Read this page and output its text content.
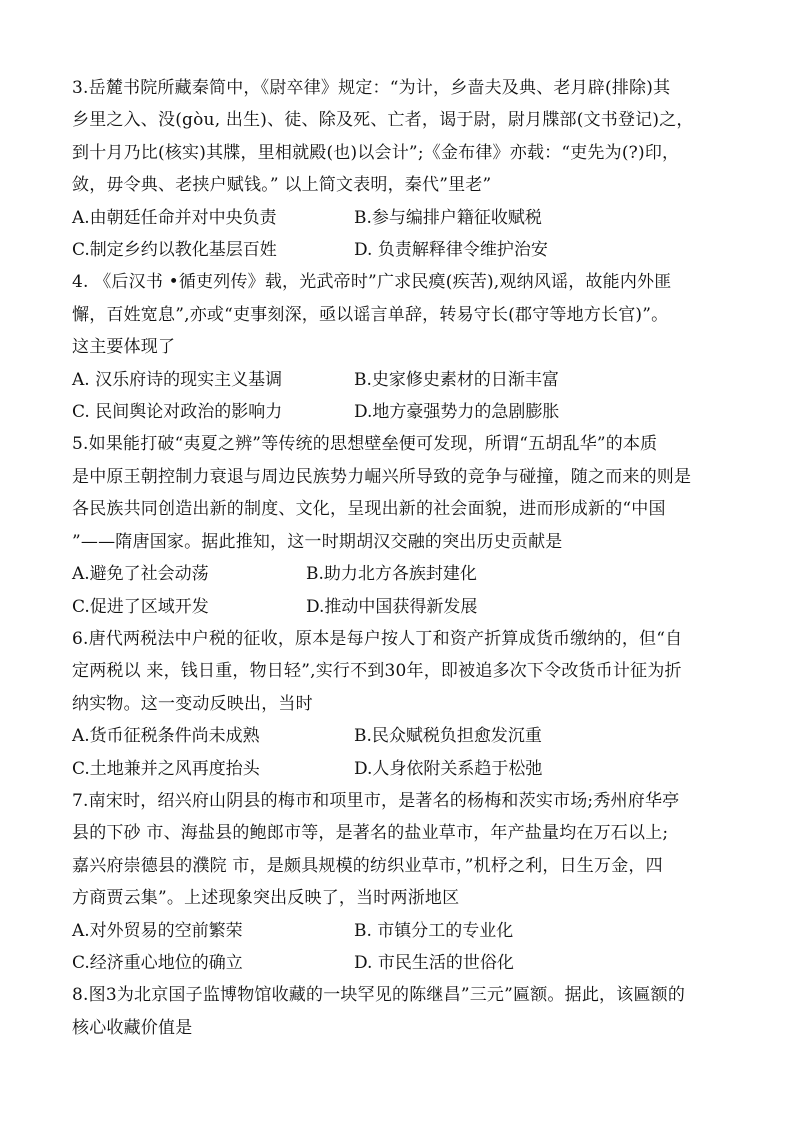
3.岳麓书院所藏秦简中，《尉卒律》规定：“为计，乡啬夫及典、老月辟(排除)其
乡里之入、没(gòu, 出生)、徒、除及死、亡者，谒于尉，尉月牒部(文书登记)之，
到十月乃比(核实)其牒，里相就殿(也)以会计”;《金布律》亦载：“吏先为(?)印，
敛，毋令典、老挟户赋钱。” 以上简文表明，秦代”里老”
A.由朝廷任命并对中央负责	B.参与编排户籍征收赋税
C.制定乡约以教化基层百姓	D. 负责解释律令维护治安
4. 《后汉书 •循吏列传》载，光武帝时”广求民瘼(疾苦),观纳风谣，故能内外匪
懈，百姓宽息”,亦或“吏事刻深，亟以谣言单辞，转易守长(郡守等地方长官)”。
这主要体现了
A. 汉乐府诗的现实主义基调	B.史家修史素材的日渐丰富
C. 民间舆论对政治的影响力	D.地方豪强势力的急剧膨胀
5.如果能打破“夷夏之辨”等传统的思想壁垒便可发现，所谓“五胡乱华”的本质
是中原王朝控制力衰退与周边民族势力崛兴所导致的竞争与碰撞，随之而来的则是
各民族共同创造出新的制度、文化，呈现出新的社会面貌，进而形成新的“中国
”——隋唐国家。据此推知，这一时期胡汉交融的突出历史贡献是
A.避免了社会动荡	B.助力北方各族封建化
C.促进了区域开发	D.推动中国获得新发展
6.唐代两税法中户税的征收，原本是每户按人丁和资产折算成货币缴纳的，但“自
定两税以 来，钱日重，物日轻”,实行不到30年，即被追多次下令改货币计征为折
纳实物。这一变动反映出，当时
A.货币征税条件尚未成熟	B.民众赋税负担愈发沉重
C.土地兼并之风再度抬头	D.人身依附关系趋于松弛
7.南宋时，绍兴府山阴县的梅市和项里市，是著名的杨梅和茨实市场;秀州府华亭
县的下砂 市、海盐县的鲍郎市等，是著名的盐业草市，年产盐量均在万石以上;
嘉兴府崇德县的濮院 市，是颇具规模的纺织业草市，”机杼之利，日生万金，四
方商贾云集”。上述现象突出反映了，当时两浙地区
A.对外贸易的空前繁荣	B. 市镇分工的专业化
C.经济重心地位的确立	D. 市民生活的世俗化
8.图3为北京国子监博物馆收藏的一块罕见的陈继昌”三元”匾额。据此，该匾额的
核心收藏价值是
